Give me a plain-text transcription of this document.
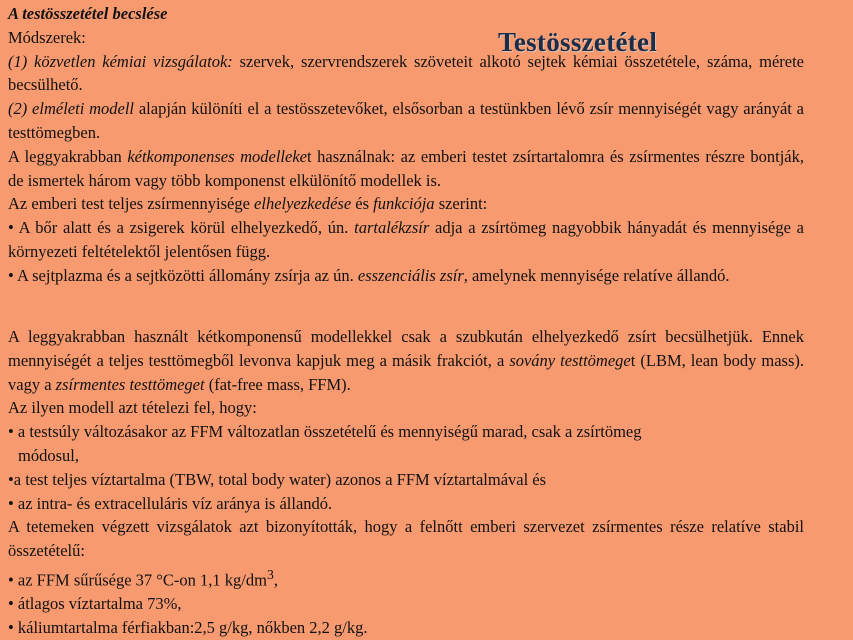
Testösszetétel

A testösszetétel becslése

Módszerek:

(1) közvetlen kémiai vizsgálatok: szervek, szervrendszerek szöveteit alkotó sejtek kémiai összetétele, száma, mérete becsülhető.

(2) elméleti modell alapján különíti el a testösszetevőket, elsősorban a testünkben lévő zsír mennyiségét vagy arányát a testtömegben.

A leggyakrabban kétkomponenses modelleket használnak: az emberi testet zsírtartalomra és zsírmentes részre bontják, de ismertek három vagy több komponenst elkülönítő modellek is.

Az emberi test teljes zsírmennyisége elhelyezkedése és funkciója szerint:

• A bőr alatt és a zsigerek körül elhelyezkedő, ún. tartalékzsír adja a zsírtömeg nagyobbik hányadát és mennyisége a környezeti feltételektől jelentősen függ.

• A sejtplazma és a sejtközötti állomány zsírja az ún. esszenciális zsír, amelynek mennyisége relatíve állandó.

A leggyakrabban használt kétkomponensű modellekkel csak a szubkután elhelyezkedő zsírt becsülhetjük. Ennek mennyiségét a teljes testtömegből levonva kapjuk meg a másik frakciót, a sovány testtömeget (LBM, lean body mass). vagy a zsírmentes testtömeget (fat-free mass, FFM).

Az ilyen modell azt tételezi fel, hogy:

• a testsúly változásakor az FFM változatlan összetételű és mennyiségű marad, csak a zsírtömeg

módosul,

•a test teljes víztartalma (TBW, total body water) azonos a FFM víztartalmával és

• az intra- és extracelluláris víz aránya is állandó.

A tetemeken végzett vizsgálatok azt bizonyították, hogy a felnőtt emberi szervezet zsírmentes része relatíve stabil összetételű:

• az FFM sűrűsége 37 °C-on 1,1 $kg/dm^3$,

• átlagos víztartalma 73%,

• káliumtartalma férfiakban:2,5 g/kg, nőkben 2,2 g/kg.
